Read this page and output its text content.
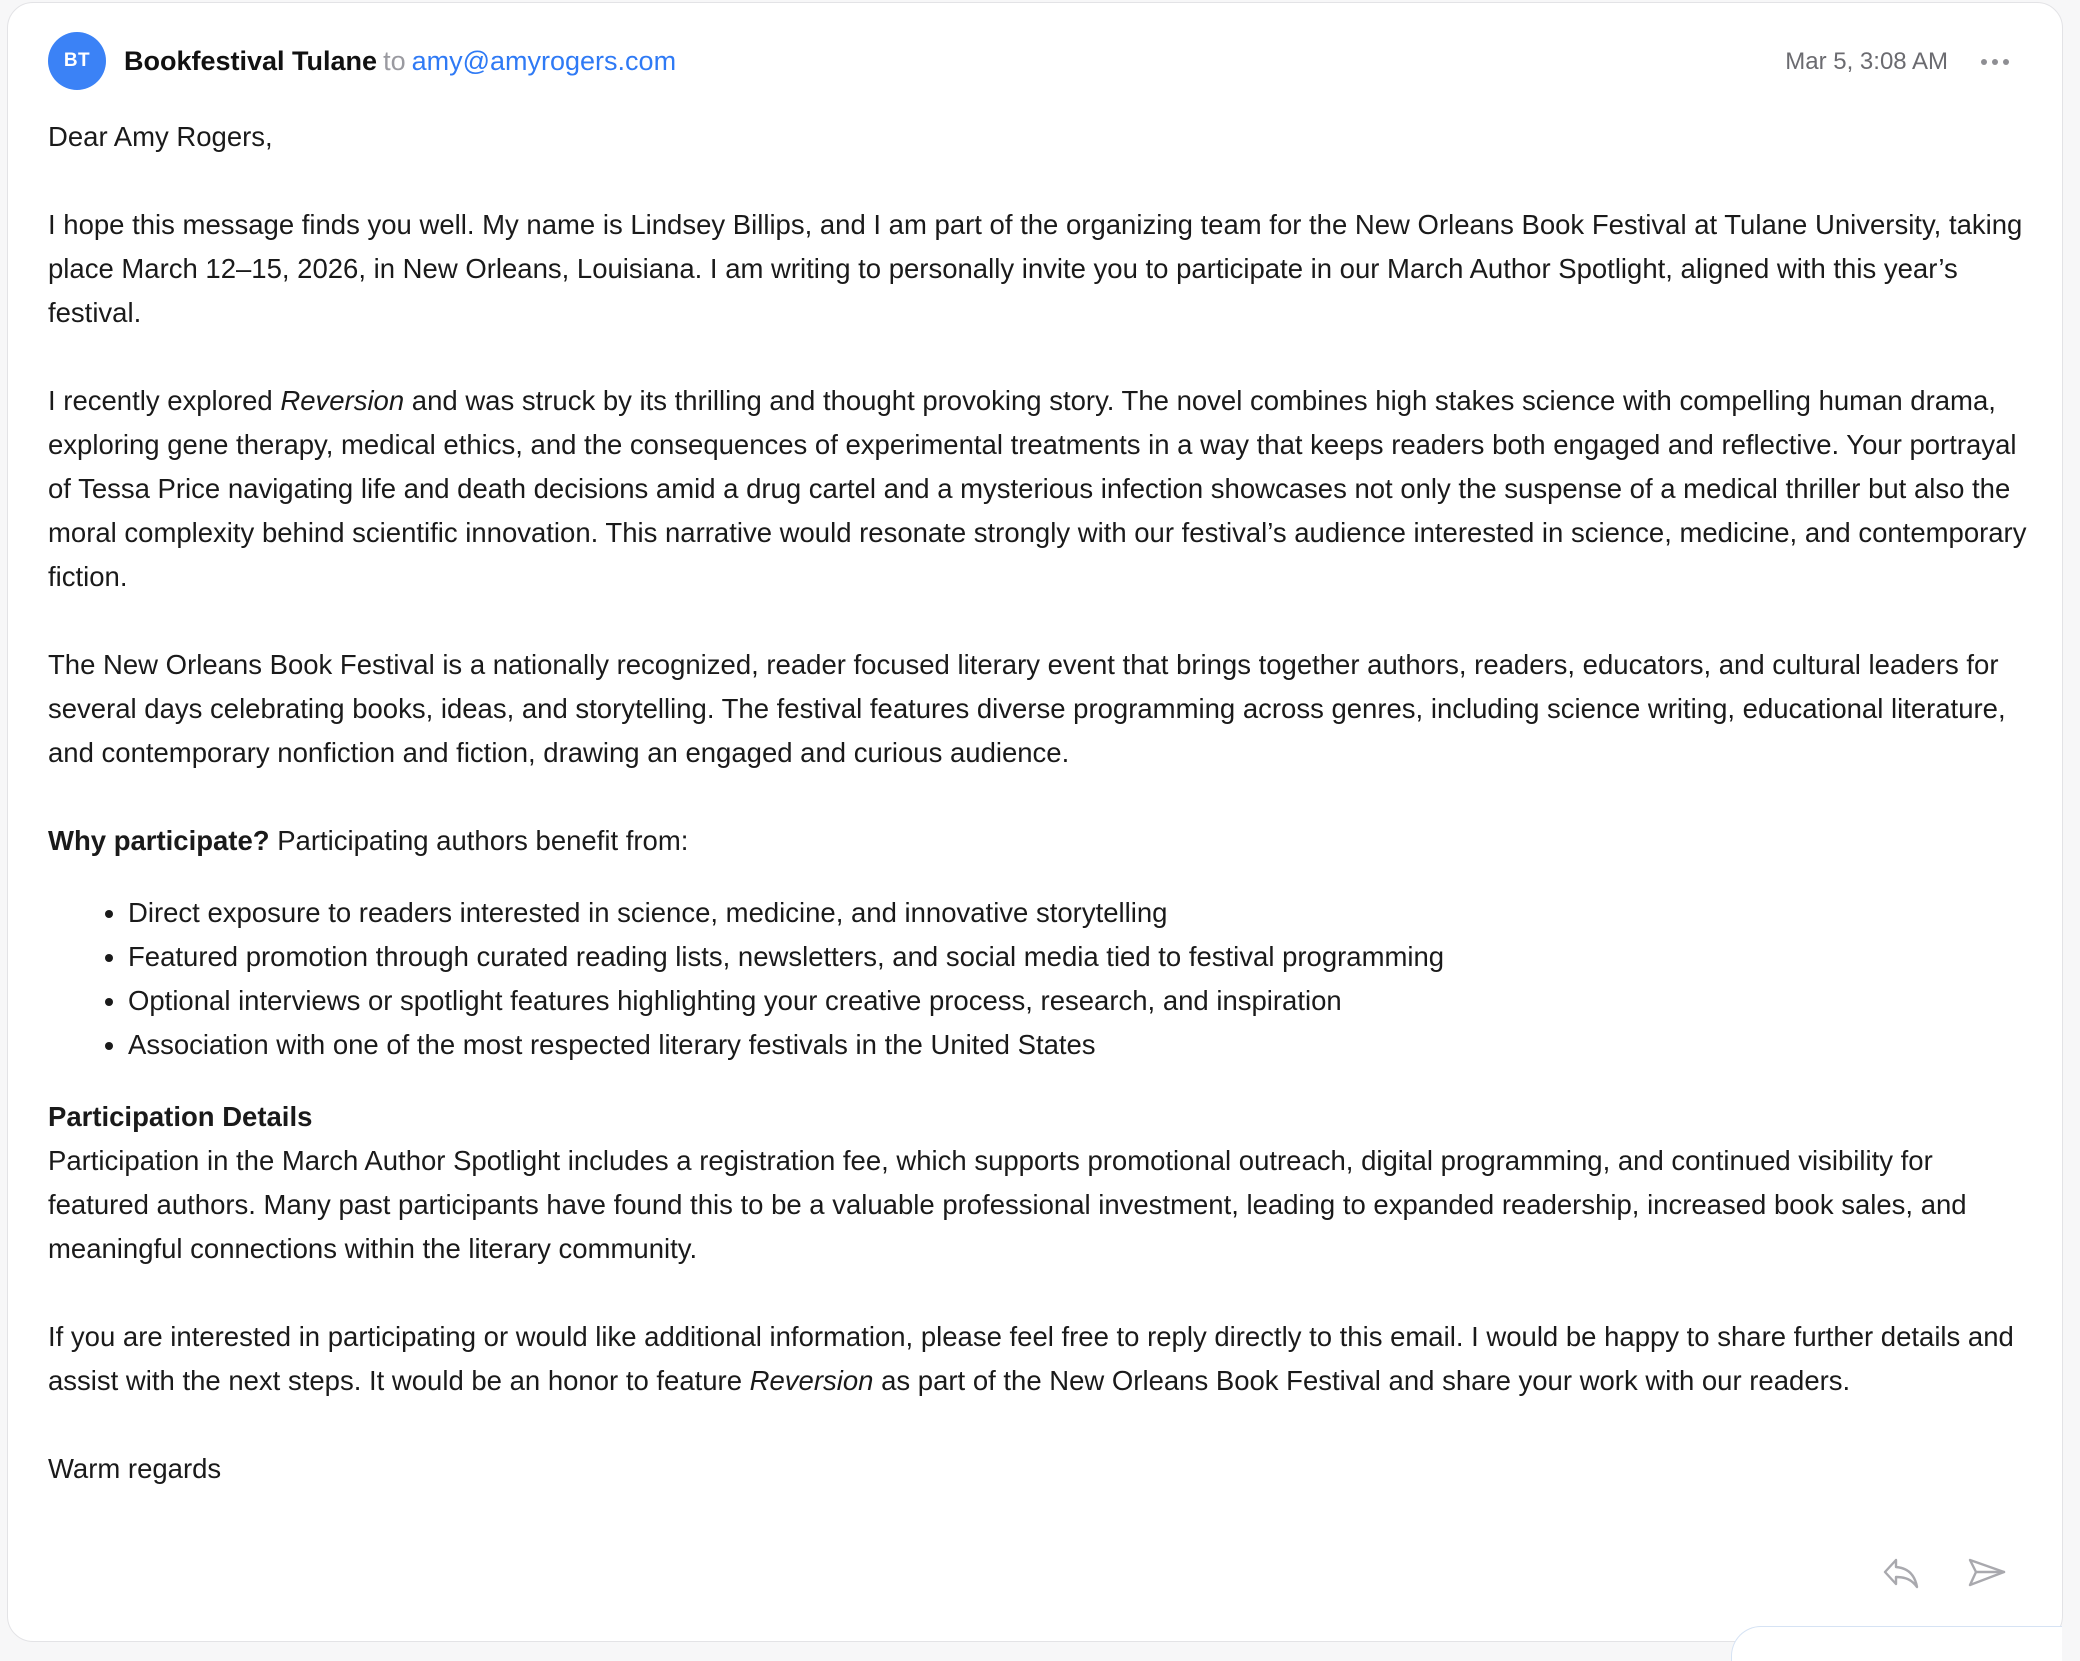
BT	Bookfestival Tulane to amy@amyrogers.com	Mar 5, 3:08 AM

Dear Amy Rogers,

I hope this message finds you well. My name is Lindsey Billips, and I am part of the organizing team for the New Orleans Book Festival at Tulane University, taking place March 12–15, 2026, in New Orleans, Louisiana. I am writing to personally invite you to participate in our March Author Spotlight, aligned with this year’s festival.

I recently explored Reversion and was struck by its thrilling and thought provoking story. The novel combines high stakes science with compelling human drama, exploring gene therapy, medical ethics, and the consequences of experimental treatments in a way that keeps readers both engaged and reflective. Your portrayal of Tessa Price navigating life and death decisions amid a drug cartel and a mysterious infection showcases not only the suspense of a medical thriller but also the moral complexity behind scientific innovation. This narrative would resonate strongly with our festival’s audience interested in science, medicine, and contemporary fiction.

The New Orleans Book Festival is a nationally recognized, reader focused literary event that brings together authors, readers, educators, and cultural leaders for several days celebrating books, ideas, and storytelling. The festival features diverse programming across genres, including science writing, educational literature, and contemporary nonfiction and fiction, drawing an engaged and curious audience.

Why participate? Participating authors benefit from:

• Direct exposure to readers interested in science, medicine, and innovative storytelling
• Featured promotion through curated reading lists, newsletters, and social media tied to festival programming
• Optional interviews or spotlight features highlighting your creative process, research, and inspiration
• Association with one of the most respected literary festivals in the United States

Participation Details
Participation in the March Author Spotlight includes a registration fee, which supports promotional outreach, digital programming, and continued visibility for featured authors. Many past participants have found this to be a valuable professional investment, leading to expanded readership, increased book sales, and meaningful connections within the literary community.

If you are interested in participating or would like additional information, please feel free to reply directly to this email. I would be happy to share further details and assist with the next steps. It would be an honor to feature Reversion as part of the New Orleans Book Festival and share your work with our readers.

Warm regards
